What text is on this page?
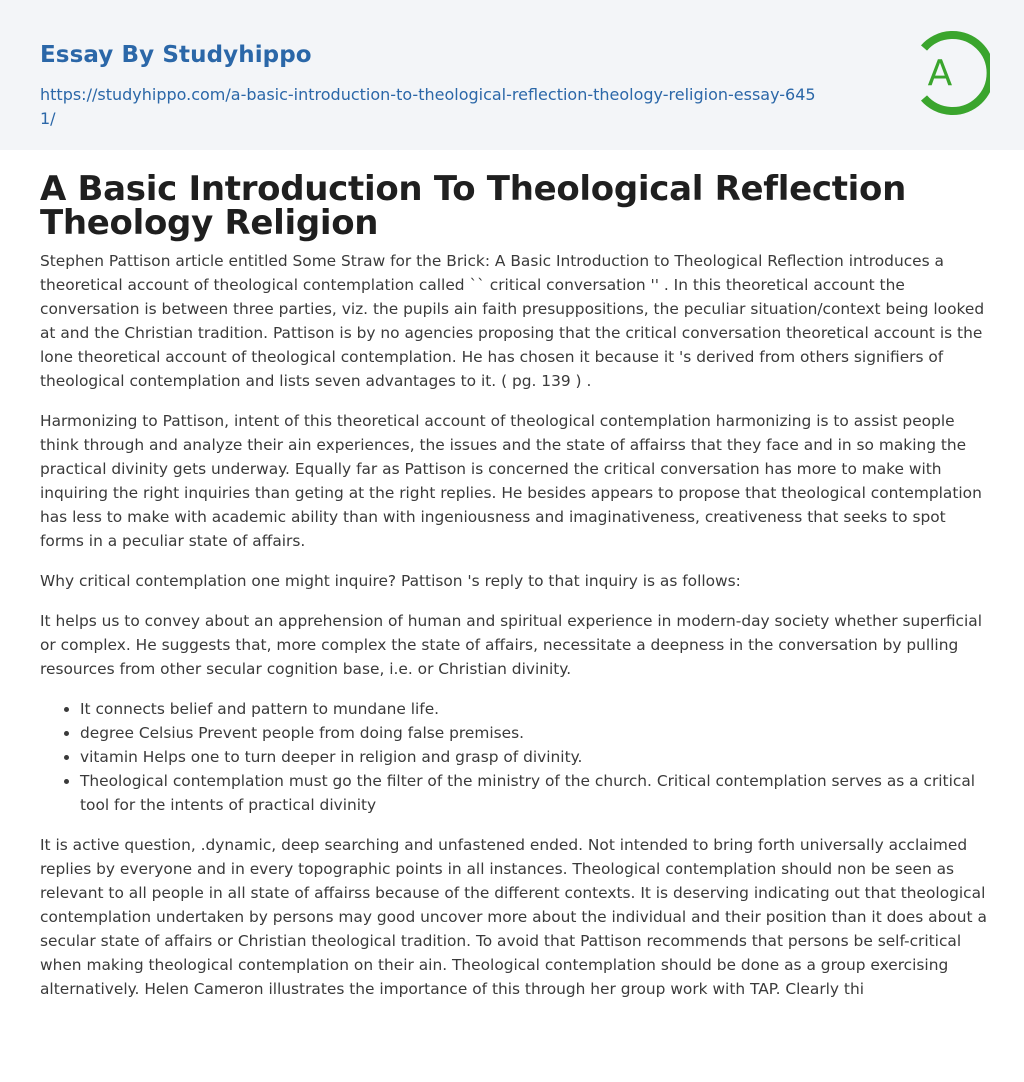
Essay By Studyhippo
https://studyhippo.com/a-basic-introduction-to-theological-reflection-theology-religion-essay-6451/
A
A Basic Introduction To Theological Reflection Theology Religion

Stephen Pattison article entitled Some Straw for the Brick: A Basic Introduction to Theological Reflection introduces a theoretical account of theological contemplation called `` critical conversation '' . In this theoretical account the conversation is between three parties, viz. the pupils ain faith presuppositions, the peculiar situation/context being looked at and the Christian tradition. Pattison is by no agencies proposing that the critical conversation theoretical account is the lone theoretical account of theological contemplation. He has chosen it because it 's derived from others signifiers of theological contemplation and lists seven advantages to it. ( pg. 139 ) .

Harmonizing to Pattison, intent of this theoretical account of theological contemplation harmonizing is to assist people think through and analyze their ain experiences, the issues and the state of affairss that they face and in so making the practical divinity gets underway. Equally far as Pattison is concerned the critical conversation has more to make with inquiring the right inquiries than geting at the right replies. He besides appears to propose that theological contemplation has less to make with academic ability than with ingeniousness and imaginativeness, creativeness that seeks to spot forms in a peculiar state of affairs.

Why critical contemplation one might inquire? Pattison 's reply to that inquiry is as follows:

It helps us to convey about an apprehension of human and spiritual experience in modern-day society whether superficial or complex. He suggests that, more complex the state of affairs, necessitate a deepness in the conversation by pulling resources from other secular cognition base, i.e. or Christian divinity.

• It connects belief and pattern to mundane life.
• degree Celsius Prevent people from doing false premises.
• vitamin Helps one to turn deeper in religion and grasp of divinity.
• Theological contemplation must go the filter of the ministry of the church. Critical contemplation serves as a critical tool for the intents of practical divinity

It is active question, .dynamic, deep searching and unfastened ended. Not intended to bring forth universally acclaimed replies by everyone and in every topographic points in all instances. Theological contemplation should non be seen as relevant to all people in all state of affairss because of the different contexts. It is deserving indicating out that theological contemplation undertaken by persons may good uncover more about the individual and their position than it does about a secular state of affairs or Christian theological tradition. To avoid that Pattison recommends that persons be self-critical when making theological contemplation on their ain. Theological contemplation should be done as a group exercising alternatively. Helen Cameron illustrates the importance of this through her group work with TAP. Clearly thi
